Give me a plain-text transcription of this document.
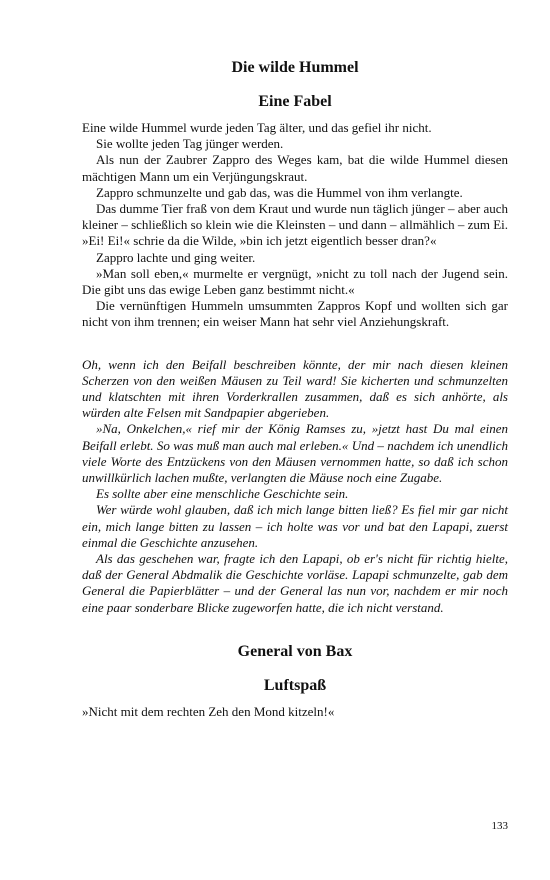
Die wilde Hummel
Eine Fabel

Eine wilde Hummel wurde jeden Tag älter, und das gefiel ihr nicht.

Sie wollte jeden Tag jünger werden.

Als nun der Zaubrer Zappro des Weges kam, bat die wilde Hummel diesen mächtigen Mann um ein Verjüngungskraut.

Zappro schmunzelte und gab das, was die Hummel von ihm verlangte.

Das dumme Tier fraß von dem Kraut und wurde nun täglich jünger – aber auch kleiner – schließlich so klein wie die Kleinsten – und dann – allmählich – zum Ei. »Ei! Ei!« schrie da die Wilde, »bin ich jetzt eigentlich besser dran?«

Zappro lachte und ging weiter.

»Man soll eben,« murmelte er vergnügt, »nicht zu toll nach der Jugend sein. Die gibt uns das ewige Leben ganz bestimmt nicht.«

Die vernünftigen Hummeln umsummten Zappros Kopf und wollten sich gar nicht von ihm trennen; ein weiser Mann hat sehr viel Anziehungskraft.

Oh, wenn ich den Beifall beschreiben könnte, der mir nach diesen kleinen Scherzen von den weißen Mäusen zu Teil ward! Sie kicherten und schmunzelten und klatschten mit ihren Vorderkrallen zusammen, daß es sich anhörte, als würden alte Felsen mit Sandpapier abgerieben.

»Na, Onkelchen,« rief mir der König Ramses zu, »jetzt hast Du mal einen Beifall erlebt. So was muß man auch mal erleben.« Und – nachdem ich unendlich viele Worte des Entzückens von den Mäusen vernommen hatte, so daß ich schon unwillkürlich lachen mußte, verlangten die Mäuse noch eine Zugabe.

Es sollte aber eine menschliche Geschichte sein.

Wer würde wohl glauben, daß ich mich lange bitten ließ? Es fiel mir gar nicht ein, mich lange bitten zu lassen – ich holte was vor und bat den Lapapi, zuerst einmal die Geschichte anzusehen.

Als das geschehen war, fragte ich den Lapapi, ob er's nicht für richtig hielte, daß der General Abdmalik die Geschichte vorläse. Lapapi schmunzelte, gab dem General die Papierblätter – und der General las nun vor, nachdem er mir noch eine paar sonderbare Blicke zugeworfen hatte, die ich nicht verstand.

General von Bax
Luftspaß

»Nicht mit dem rechten Zeh den Mond kitzeln!«

133
